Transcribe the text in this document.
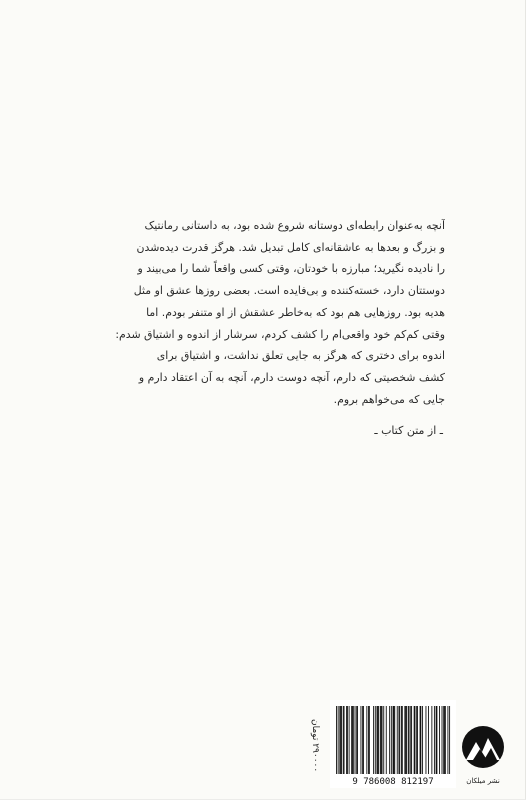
آنچه به‌عنوان رابطه‌ای دوستانه شروع شده بود، به داستانی رمانتیک
و بزرگ و بعدها به عاشقانه‌ای کامل تبدیل شد. هرگز قدرت دیده‌شدن
را نادیده نگیرید؛ مبارزه با خودتان، وقتی کسی واقعاً شما را می‌بیند و
دوستتان دارد، خسته‌کننده و بی‌فایده است. بعضی روزها عشق او مثل
هدیه بود. روزهایی هم بود که به‌خاطر عشقش از او متنفر بودم. اما
وقتی کم‌کم خود واقعی‌ام را کشف کردم، سرشار از اندوه و اشتیاق شدم:
اندوه برای دختری که هرگز به جایی تعلق نداشت، و اشتیاق برای
کشف شخصیتی که دارم، آنچه دوست دارم، آنچه به آن اعتقاد دارم و
جایی که می‌خواهم بروم.
ـ از متن کتاب ـ
۲۹۰۰۰۰ تومان
9 786008 812197	نشر میلکان
